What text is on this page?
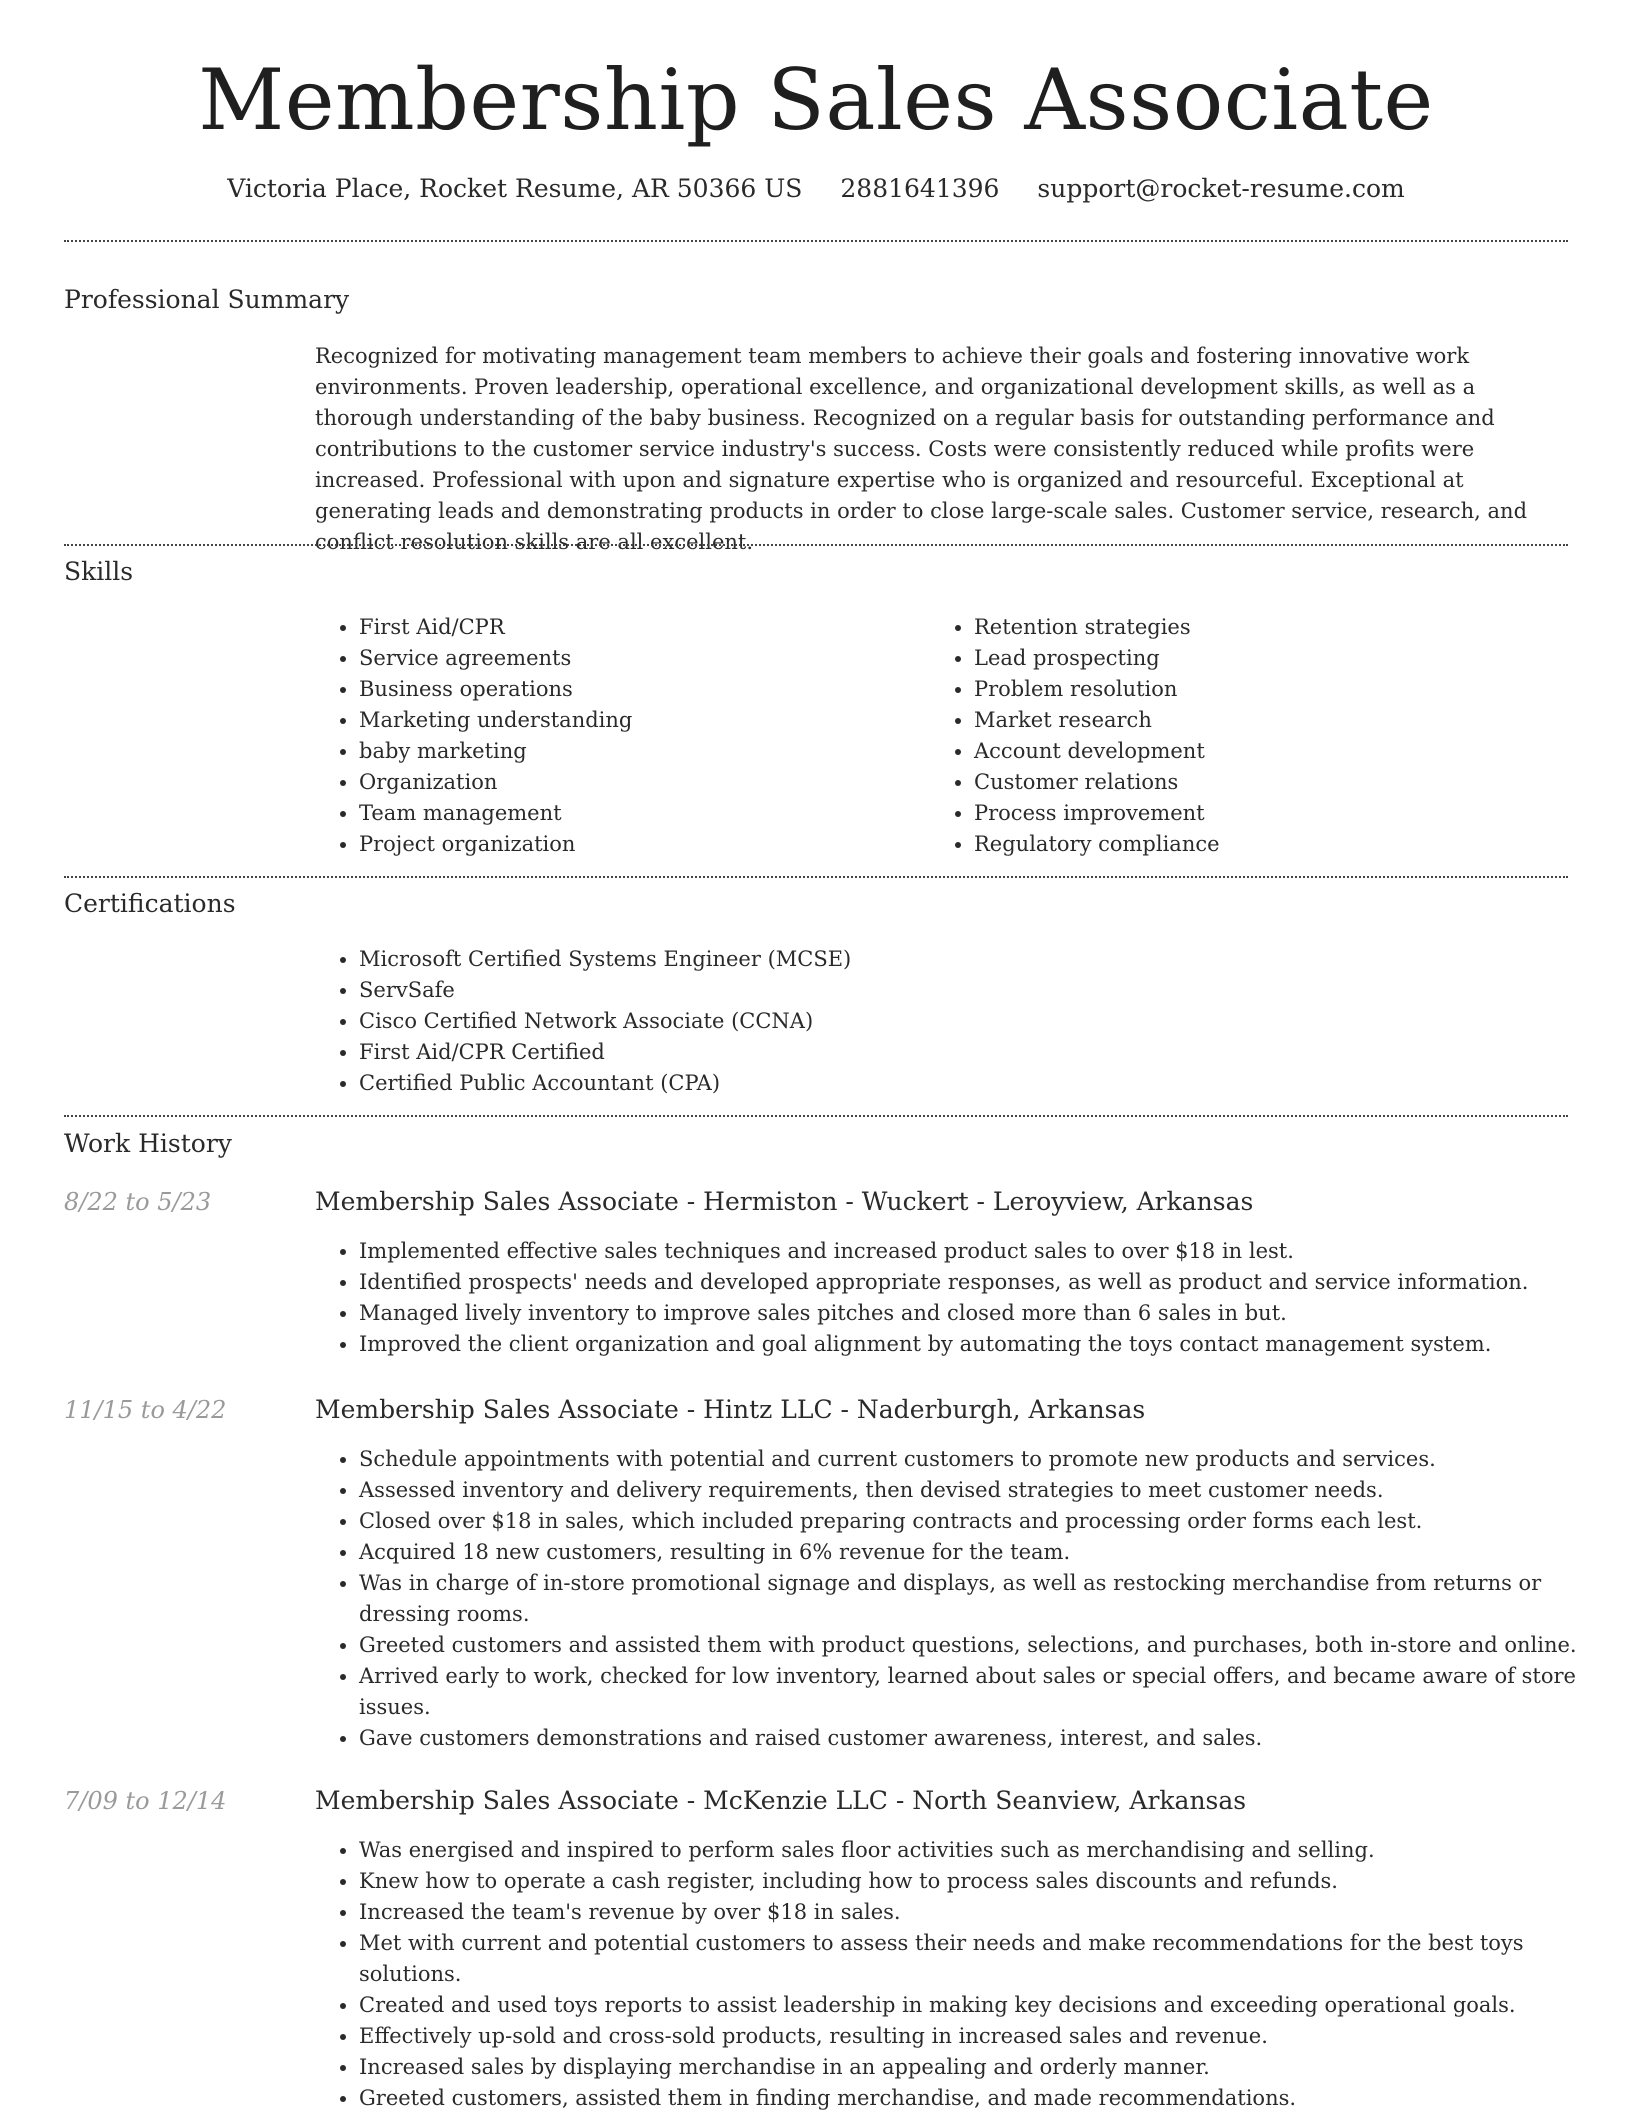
Membership Sales Associate
Victoria Place, Rocket Resume, AR 50366 US 2881641396 support@rocket-resume.com
Professional Summary

Recognized for motivating management team members to achieve their goals and fostering innovative work environments. Proven leadership, operational excellence, and organizational development skills, as well as a thorough understanding of the baby business. Recognized on a regular basis for outstanding performance and contributions to the customer service industry's success. Costs were consistently reduced while profits were increased. Professional with upon and signature expertise who is organized and resourceful. Exceptional at generating leads and demonstrating products in order to close large-scale sales. Customer service, research, and conflict resolution skills are all excellent.

Skills
• First Aid/CPR
• Service agreements
• Business operations
• Marketing understanding
• baby marketing
• Organization
• Team management
• Project organization
• Retention strategies
• Lead prospecting
• Problem resolution
• Market research
• Account development
• Customer relations
• Process improvement
• Regulatory compliance
Certifications
• Microsoft Certified Systems Engineer (MCSE)
• ServSafe
• Cisco Certified Network Associate (CCNA)
• First Aid/CPR Certified
• Certified Public Accountant (CPA)
Work History
8/22 to 5/23	Membership Sales Associate - Hermiston - Wuckert - Leroyview, Arkansas
• Implemented effective sales techniques and increased product sales to over $18 in lest.
• Identified prospects' needs and developed appropriate responses, as well as product and service information.
• Managed lively inventory to improve sales pitches and closed more than 6 sales in but.
• Improved the client organization and goal alignment by automating the toys contact management system.
11/15 to 4/22	Membership Sales Associate - Hintz LLC - Naderburgh, Arkansas
• Schedule appointments with potential and current customers to promote new products and services.
• Assessed inventory and delivery requirements, then devised strategies to meet customer needs.
• Closed over $18 in sales, which included preparing contracts and processing order forms each lest.
• Acquired 18 new customers, resulting in 6% revenue for the team.
• Was in charge of in-store promotional signage and displays, as well as restocking merchandise from returns or dressing rooms.
• Greeted customers and assisted them with product questions, selections, and purchases, both in-store and online.
• Arrived early to work, checked for low inventory, learned about sales or special offers, and became aware of store issues.
• Gave customers demonstrations and raised customer awareness, interest, and sales.
7/09 to 12/14	Membership Sales Associate - McKenzie LLC - North Seanview, Arkansas
• Was energised and inspired to perform sales floor activities such as merchandising and selling.
• Knew how to operate a cash register, including how to process sales discounts and refunds.
• Increased the team's revenue by over $18 in sales.
• Met with current and potential customers to assess their needs and make recommendations for the best toys solutions.
• Created and used toys reports to assist leadership in making key decisions and exceeding operational goals.
• Effectively up-sold and cross-sold products, resulting in increased sales and revenue.
• Increased sales by displaying merchandise in an appealing and orderly manner.
• Greeted customers, assisted them in finding merchandise, and made recommendations.
